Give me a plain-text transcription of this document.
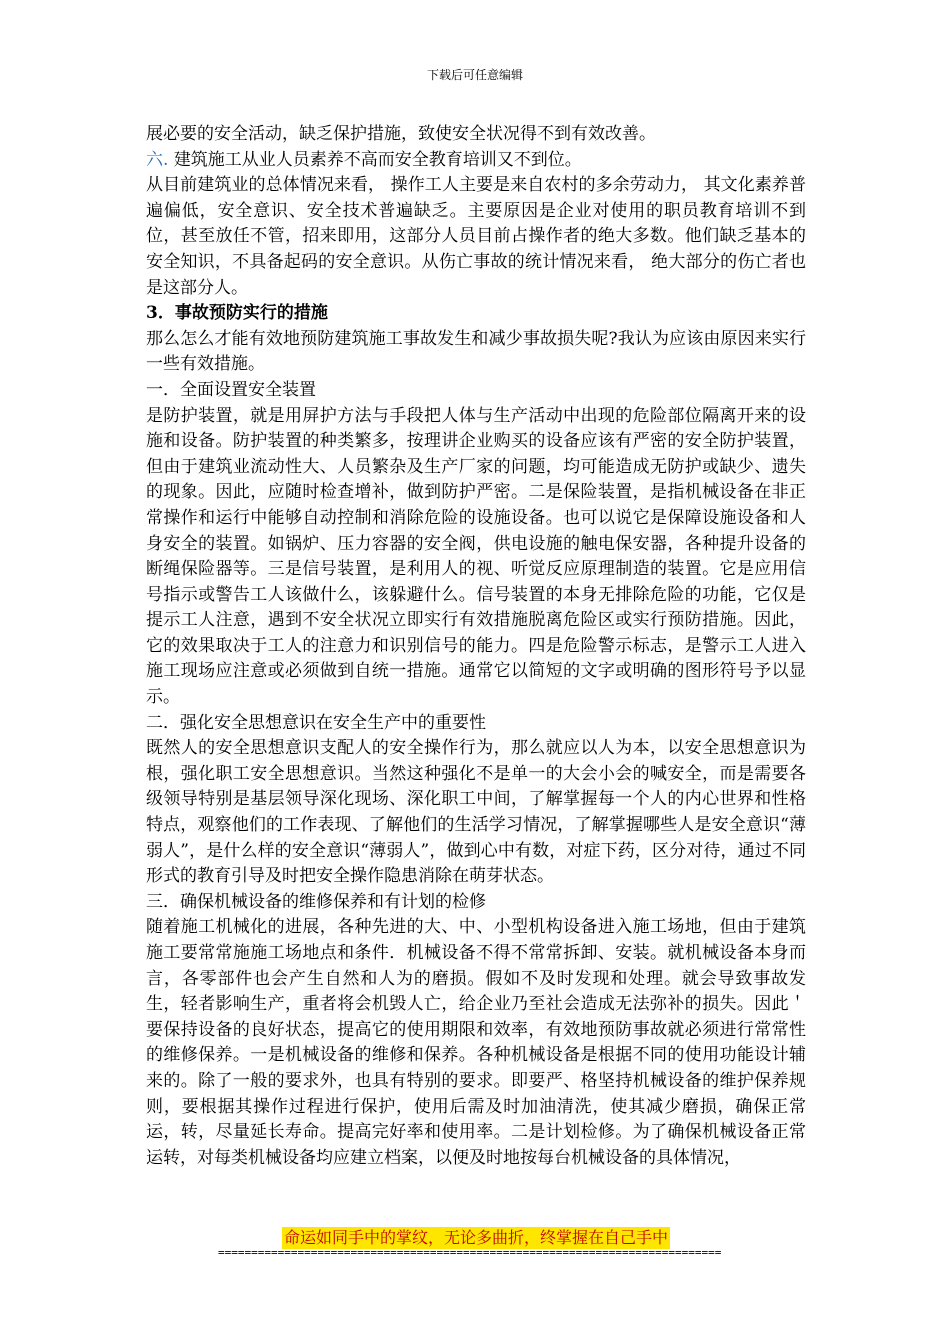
下载后可任意编辑

展必要的安全活动，缺乏保护措施，致使安全状况得不到有效改善。

六. 建筑施工从业人员素养不高而安全教育培训又不到位。

从目前建筑业的总体情况来看， 操作工人主要是来自农村的多余劳动力， 其文化素养普遍偏低，安全意识、安全技术普遍缺乏。主要原因是企业对使用的职员教育培训不到位，甚至放任不管，招来即用，这部分人员目前占操作者的绝大多数。他们缺乏基本的安全知识，不具备起码的安全意识。从伤亡事故的统计情况来看， 绝大部分的伤亡者也是这部分人。

3．事故预防实行的措施

那么怎么才能有效地预防建筑施工事故发生和减少事故损失呢?我认为应该由原因来实行一些有效措施。

一．全面设置安全装置

是防护装置，就是用屏护方法与手段把人体与生产活动中出现的危险部位隔离开来的设施和设备。防护装置的种类繁多，按理讲企业购买的设备应该有严密的安全防护装置，但由于建筑业流动性大、人员繁杂及生产厂家的问题，均可能造成无防护或缺少、遗失的现象。因此，应随时检查增补，做到防护严密。二是保险装置，是指机械设备在非正常操作和运行中能够自动控制和消除危险的设施设备。也可以说它是保障设施设备和人身安全的装置。如锅炉、压力容器的安全阀，供电设施的触电保安器，各种提升设备的断绳保险器等。三是信号装置，是利用人的视、听觉反应原理制造的装置。它是应用信号指示或警告工人该做什么，该躲避什么。信号装置的本身无排除危险的功能，它仅是提示工人注意，遇到不安全状况立即实行有效措施脱离危险区或实行预防措施。因此，它的效果取决于工人的注意力和识别信号的能力。四是危险警示标志，是警示工人进入施工现场应注意或必须做到自统一措施。通常它以简短的文字或明确的图形符号予以显示。

二．强化安全思想意识在安全生产中的重要性

既然人的安全思想意识支配人的安全操作行为，那么就应以人为本，以安全思想意识为根，强化职工安全思想意识。当然这种强化不是单一的大会小会的喊安全，而是需要各级领导特别是基层领导深化现场、深化职工中间，了解掌握每一个人的内心世界和性格特点，观察他们的工作表现、了解他们的生活学习情况，了解掌握哪些人是安全意识“薄弱人”，是什么样的安全意识“薄弱人”，做到心中有数，对症下药，区分对待，通过不同形式的教育引导及时把安全操作隐患消除在萌芽状态。

三．确保机械设备的维修保养和有计划的检修

随着施工机械化的进展，各种先进的大、中、小型机构设备进入施工场地，但由于建筑施工要常常施施工场地点和条件．机械设备不得不常常拆卸、安装。就机械设备本身而言，各零部件也会产生自然和人为的磨损。假如不及时发现和处理。就会导致事故发生，轻者影响生产，重者将会机毁人亡，给企业乃至社会造成无法弥补的损失。因此＇要保持设备的良好状态，提高它的使用期限和效率，有效地预防事故就必须进行常常性的维修保养。一是机械设备的维修和保养。各种机械设备是根据不同的使用功能设计辅来的。除了一般的要求外，也具有特别的要求。即要严、格坚持机械设备的维护保养规则，要根据其操作过程进行保护，使用后需及时加油清洗，使其减少磨损，确保正常运，转，尽量延长寿命。提高完好率和使用率。二是计划检修。为了确保机械设备正常运转，对每类机械设备均应建立档案，以便及时地按每台机械设备的具体情况，

命运如同手中的掌纹，无论多曲折，终掌握在自己手中
============================================================================
